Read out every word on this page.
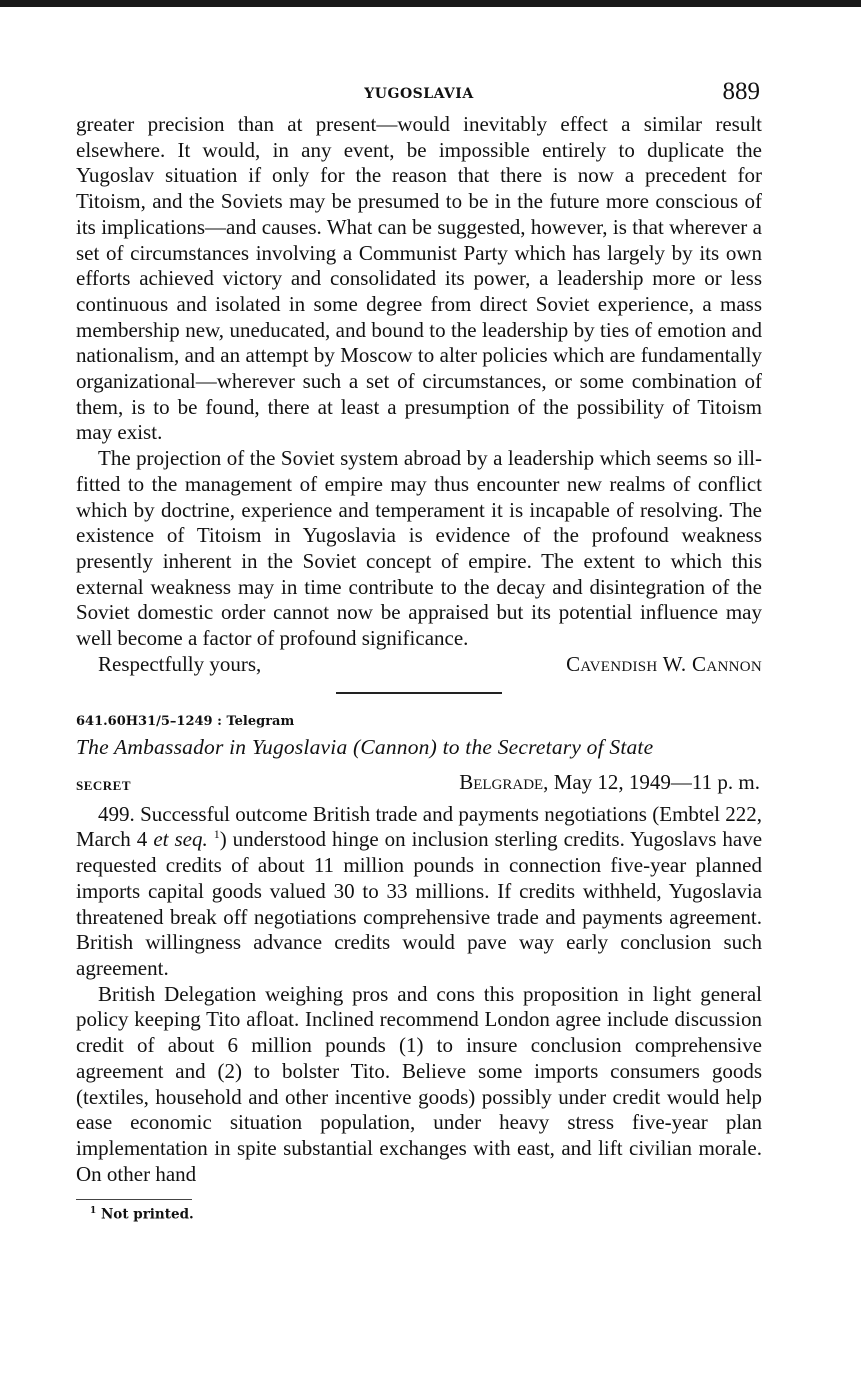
YUGOSLAVIA	889

greater precision than at present—would inevitably effect a similar result elsewhere. It would, in any event, be impossible entirely to duplicate the Yugoslav situation if only for the reason that there is now a precedent for Titoism, and the Soviets may be presumed to be in the future more conscious of its implications—and causes. What can be suggested, however, is that wherever a set of circumstances involving a Communist Party which has largely by its own efforts achieved victory and consolidated its power, a leadership more or less continuous and isolated in some degree from direct Soviet experience, a mass membership new, uneducated, and bound to the leadership by ties of emotion and nationalism, and an attempt by Moscow to alter policies which are fundamentally organizational—wherever such a set of circumstances, or some combination of them, is to be found, there at least a presumption of the possibility of Titoism may exist.

The projection of the Soviet system abroad by a leadership which seems so ill-fitted to the management of empire may thus encounter new realms of conflict which by doctrine, experience and temperament it is incapable of resolving. The existence of Titoism in Yugoslavia is evidence of the profound weakness presently inherent in the Soviet concept of empire. The extent to which this external weakness may in time contribute to the decay and disintegration of the Soviet domestic order cannot now be appraised but its potential influence may well become a factor of profound significance.

Respectfully yours,	Cavendish W. Cannon
641.60H31/5–1249 : Telegram
The Ambassador in Yugoslavia (Cannon) to the Secretary of State
SECRET	Belgrade, May 12, 1949—11 p. m.

499. Successful outcome British trade and payments negotiations (Embtel 222, March 4 et seq. $^1$) understood hinge on inclusion sterling credits. Yugoslavs have requested credits of about 11 million pounds in connection five-year planned imports capital goods valued 30 to 33 millions. If credits withheld, Yugoslavia threatened break off negotiations comprehensive trade and payments agreement. British willingness advance credits would pave way early conclusion such agreement.

British Delegation weighing pros and cons this proposition in light general policy keeping Tito afloat. Inclined recommend London agree include discussion credit of about 6 million pounds (1) to insure conclusion comprehensive agreement and (2) to bolster Tito. Believe some imports consumers goods (textiles, household and other incentive goods) possibly under credit would help ease economic situation population, under heavy stress five-year plan implementation in spite substantial exchanges with east, and lift civilian morale. On other hand

$^1$ Not printed.
